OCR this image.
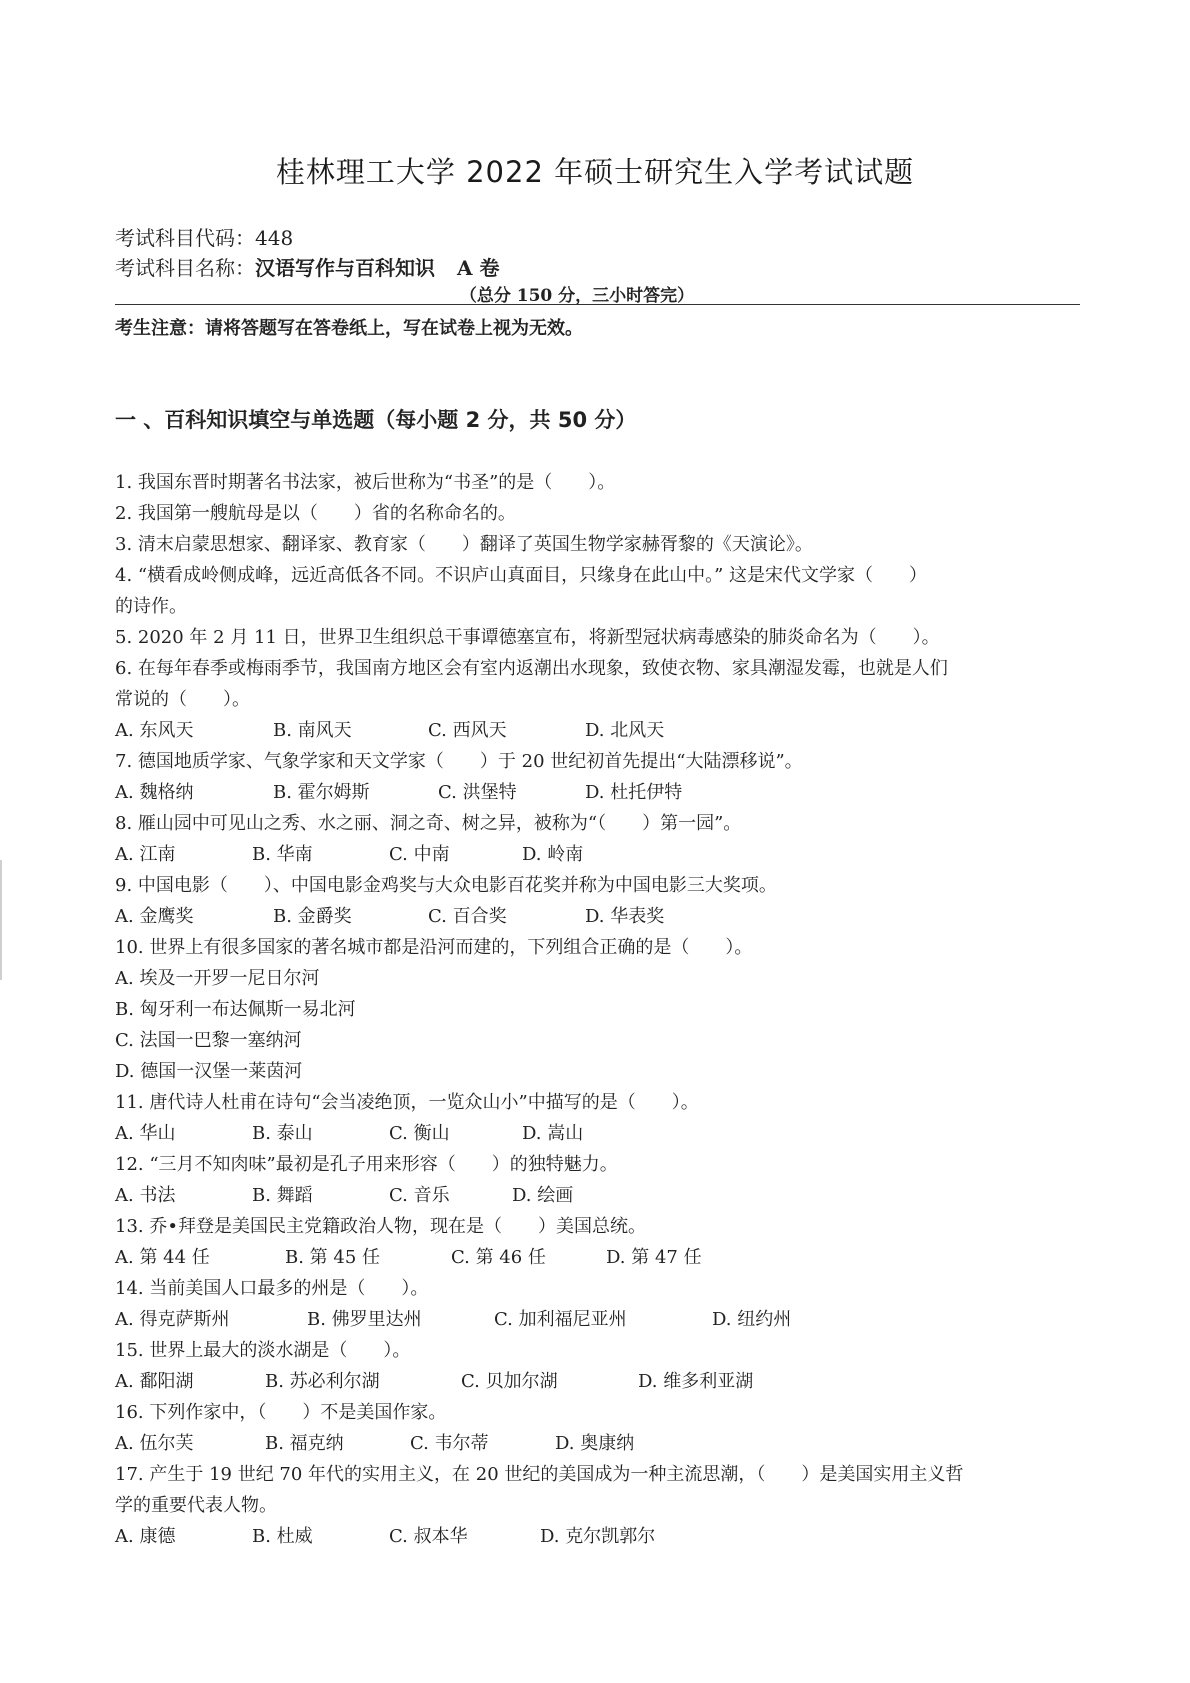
桂林理工大学 2022 年硕士研究生入学考试试题
考试科目代码：448
考试科目名称：汉语写作与百科知识 A 卷
（总分 150 分，三小时答完）
考生注意：请将答题写在答卷纸上，写在试卷上视为无效。
一 、百科知识填空与单选题（每小题 2 分，共 50 分）
1. 我国东晋时期著名书法家，被后世称为“书圣”的是（　　）。
2. 我国第一艘航母是以（　　）省的名称命名的。
3. 清末启蒙思想家、翻译家、教育家（　　）翻译了英国生物学家赫胥黎的《天演论》。
4. “横看成岭侧成峰，远近高低各不同。不识庐山真面目，只缘身在此山中。” 这是宋代文学家（　　）
的诗作。
5. 2020 年 2 月 11 日，世界卫生组织总干事谭德塞宣布，将新型冠状病毒感染的肺炎命名为（　　）。
6. 在每年春季或梅雨季节，我国南方地区会有室内返潮出水现象，致使衣物、家具潮湿发霉，也就是人们
常说的（　　）。
A. 东风天	B. 南风天	C. 西风天	D. 北风天
7. 德国地质学家、气象学家和天文学家（　　）于 20 世纪初首先提出“大陆漂移说”。
A. 魏格纳	B. 霍尔姆斯	C. 洪堡特	D. 杜托伊特
8. 雁山园中可见山之秀、水之丽、洞之奇、树之异，被称为“（　　）第一园”。
A. 江南	B. 华南	C. 中南	D. 岭南
9. 中国电影（　　）、中国电影金鸡奖与大众电影百花奖并称为中国电影三大奖项。
A. 金鹰奖	B. 金爵奖	C. 百合奖	D. 华表奖
10. 世界上有很多国家的著名城市都是沿河而建的，下列组合正确的是（　　）。
A. 埃及一开罗一尼日尔河
B. 匈牙利一布达佩斯一易北河
C. 法国一巴黎一塞纳河
D. 德国一汉堡一莱茵河
11. 唐代诗人杜甫在诗句“会当凌绝顶，一览众山小”中描写的是（　　）。
A. 华山	B. 泰山	C. 衡山	D. 嵩山
12. “三月不知肉味”最初是孔子用来形容（　　）的独特魅力。
A. 书法	B. 舞蹈	C. 音乐	D. 绘画
13. 乔•拜登是美国民主党籍政治人物，现在是（　　）美国总统。
A. 第 44 任	B. 第 45 任	C. 第 46 任	D. 第 47 任
14. 当前美国人口最多的州是（　　）。
A. 得克萨斯州	B. 佛罗里达州	C. 加利福尼亚州	D. 纽约州
15. 世界上最大的淡水湖是（　　）。
A. 鄱阳湖	B. 苏必利尔湖	C. 贝加尔湖	D. 维多利亚湖
16. 下列作家中，（　　）不是美国作家。
A. 伍尔芙	B. 福克纳	C. 韦尔蒂	D. 奥康纳
17. 产生于 19 世纪 70 年代的实用主义，在 20 世纪的美国成为一种主流思潮，（　　）是美国实用主义哲
学的重要代表人物。
A. 康德	B. 杜威	C. 叔本华	D. 克尔凯郭尔
